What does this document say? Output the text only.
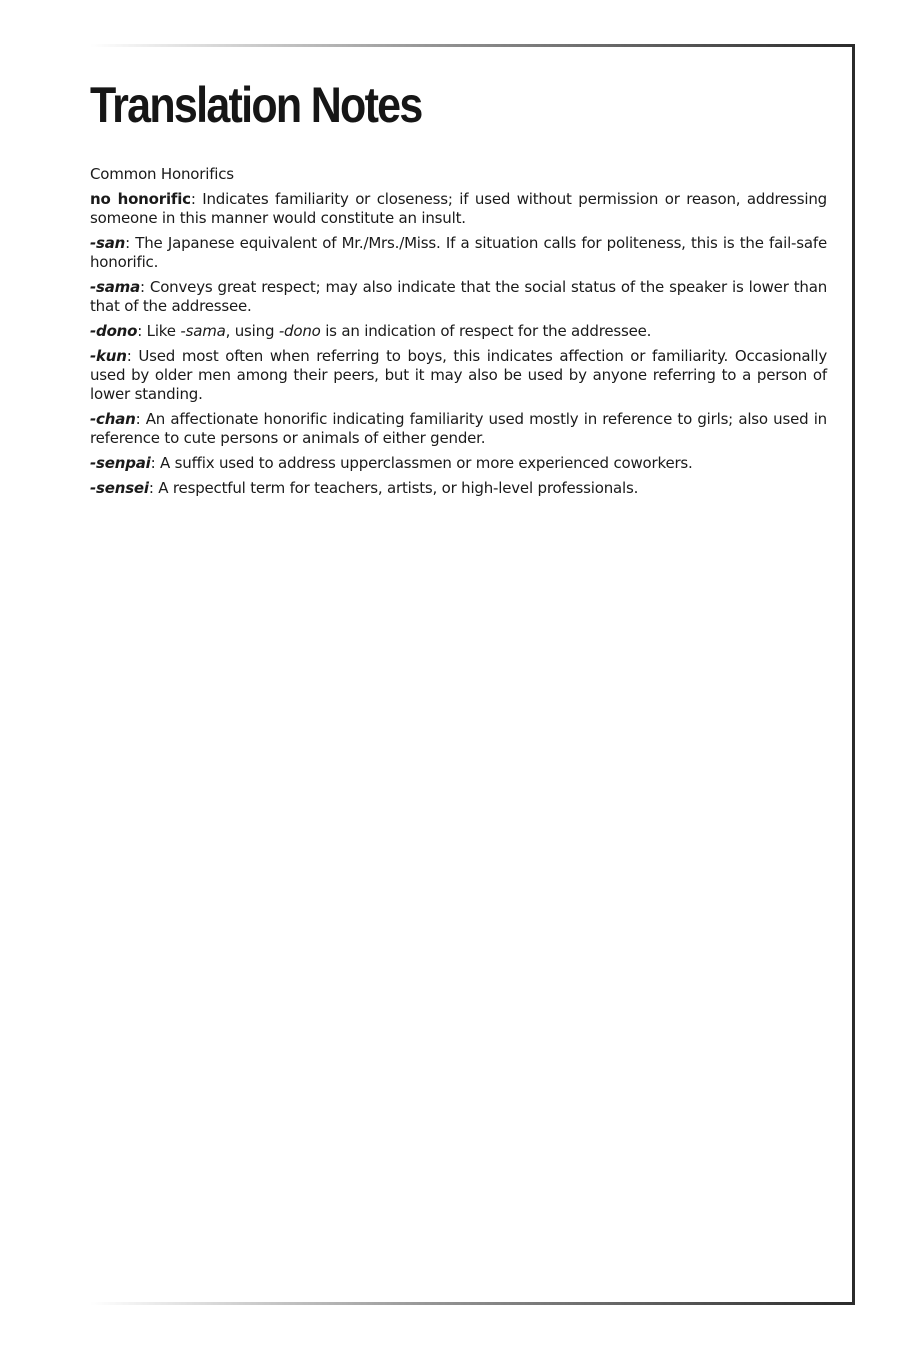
Translation Notes

Common Honorifics

no honorific: Indicates familiarity or closeness; if used without permission or reason, addressing someone in this manner would constitute an insult.

-san: The Japanese equivalent of Mr./Mrs./Miss. If a situation calls for politeness, this is the fail-safe honorific.

-sama: Conveys great respect; may also indicate that the social status of the speaker is lower than that of the addressee.

-dono: Like -sama, using -dono is an indication of respect for the addressee.

-kun: Used most often when referring to boys, this indicates affection or familiarity. Occasionally used by older men among their peers, but it may also be used by anyone referring to a person of lower standing.

-chan: An affectionate honorific indicating familiarity used mostly in reference to girls; also used in reference to cute persons or animals of either gender.

-senpai: A suffix used to address upperclassmen or more experienced coworkers.

-sensei: A respectful term for teachers, artists, or high-level professionals.
